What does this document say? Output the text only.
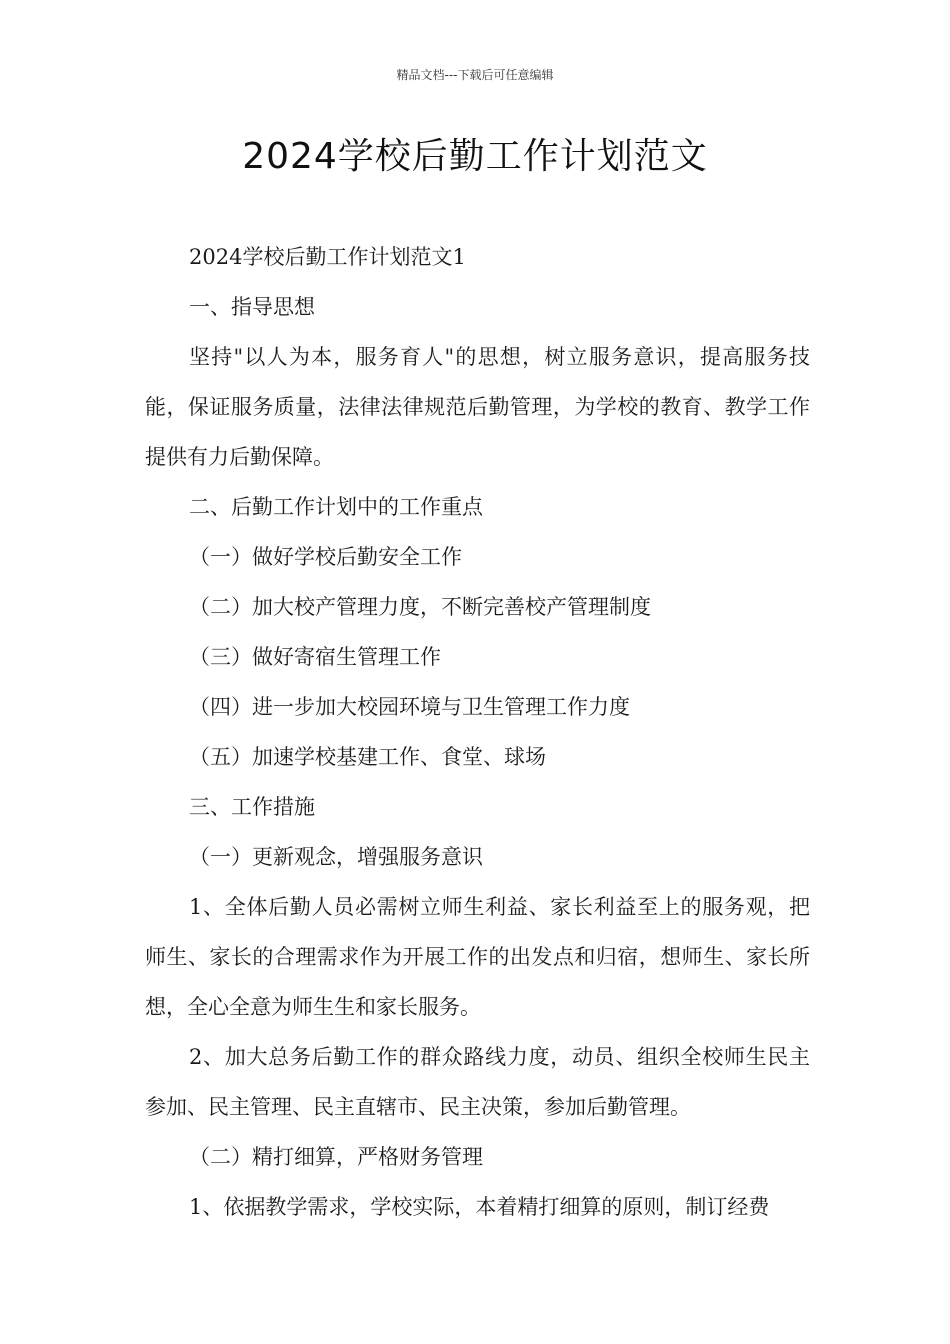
精品文档---下载后可任意编辑
2024学校后勤工作计划范文

2024学校后勤工作计划范文1

一、指导思想

坚持"以人为本，服务育人"的思想，树立服务意识，提高服务技能，保证服务质量，法律法律规范后勤管理，为学校的教育、教学工作提供有力后勤保障。

二、后勤工作计划中的工作重点

（一）做好学校后勤安全工作

（二）加大校产管理力度，不断完善校产管理制度

（三）做好寄宿生管理工作

（四）进一步加大校园环境与卫生管理工作力度

（五）加速学校基建工作、食堂、球场

三、工作措施

（一）更新观念，增强服务意识

1、全体后勤人员必需树立师生利益、家长利益至上的服务观，把师生、家长的合理需求作为开展工作的出发点和归宿，想师生、家长所想，全心全意为师生生和家长服务。

2、加大总务后勤工作的群众路线力度，动员、组织全校师生民主参加、民主管理、民主直辖市、民主决策，参加后勤管理。

（二）精打细算，严格财务管理

1、依据教学需求，学校实际，本着精打细算的原则，制订经费
